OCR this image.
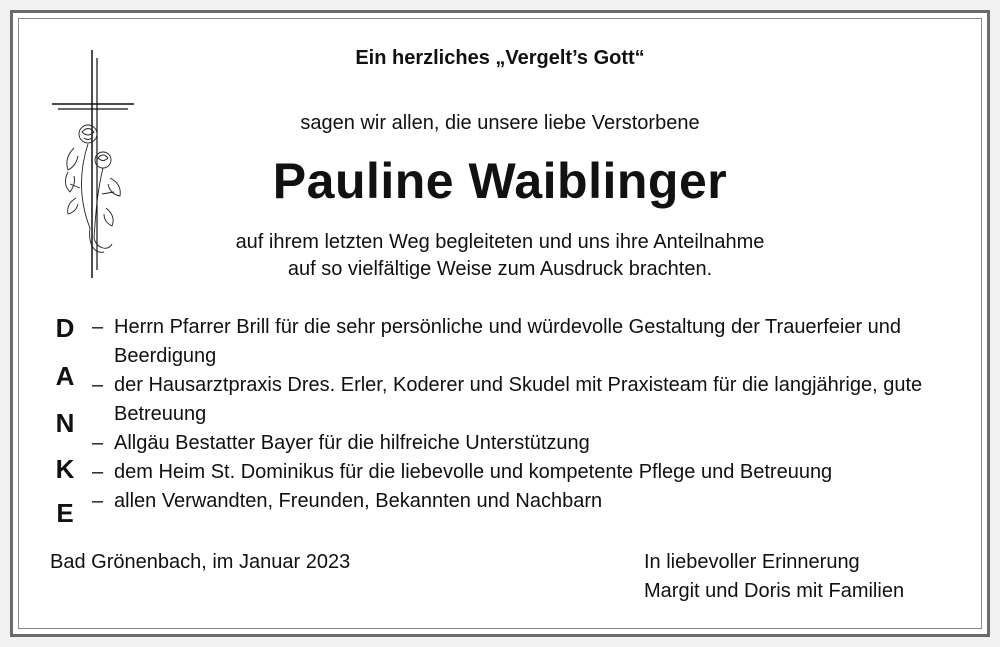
Ein herzliches „Vergelt’s Gott“
sagen wir allen, die unsere liebe Verstorbene
Pauline Waiblinger
auf ihrem letzten Weg begleiteten und uns ihre Anteilnahme
auf so vielfältige Weise zum Ausdruck brachten.
D
A
N
K
E
– Herrn Pfarrer Brill für die sehr persönliche und würdevolle Gestaltung der Trauerfeier und Beerdigung
– der Hausarztpraxis Dres. Erler, Koderer und Skudel mit Praxisteam für die langjährige, gute Betreuung
– Allgäu Bestatter Bayer für die hilfreiche Unterstützung
– dem Heim St. Dominikus für die liebevolle und kompetente Pflege und Betreuung
– allen Verwandten, Freunden, Bekannten und Nachbarn
Bad Grönenbach, im Januar 2023	In liebevoller Erinnerung
Margit und Doris mit Familien
